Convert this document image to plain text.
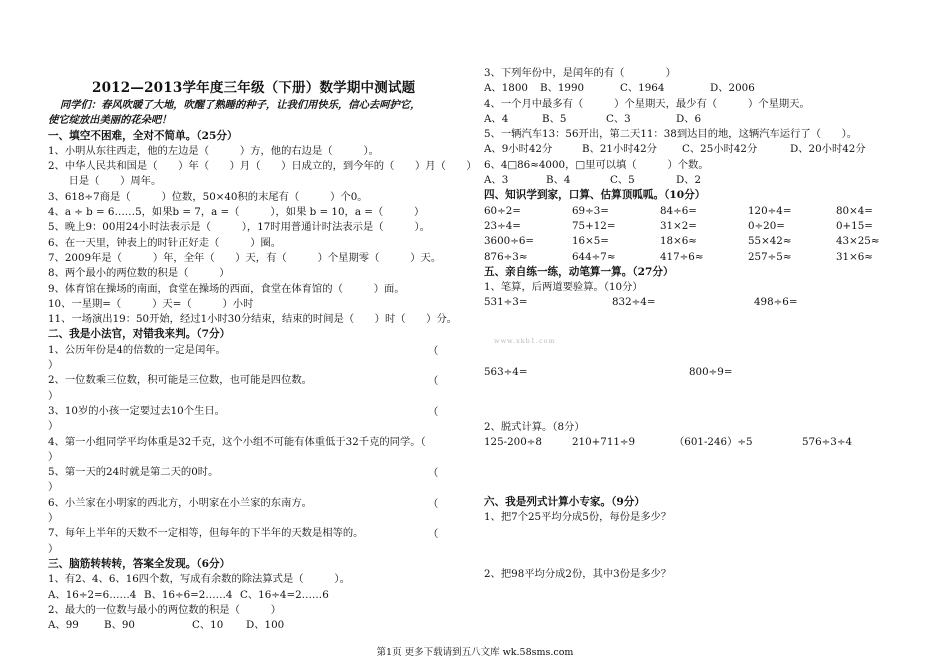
2012—2013学年度三年级（下册）数学期中测试题
同学们：春风吹暖了大地，吹醒了熟睡的种子，让我们用快乐，信心去呵护它，
使它绽放出美丽的花朵吧！
一、填空不困难，全对不简单。（25分）
1、小明从东往西走，他的左边是（　　　）方，他的右边是（　　　）。
2、中华人民共和国是（　　）年（　　）月（　　）日成立的，到今年的（　　）月（　　）
　　日是（　　）周年。
3、618÷7商是（　　　）位数，50×40积的末尾有（　　　）个0。
4、a ÷ b = 6……5，如果b = 7，a =（　　　），如果 b = 10，a =（　　　）
5、晚上9：00用24小时法表示是（　　　），17时用普通计时法表示是（　　　）。
6、在一天里，钟表上的时针正好走（　　　）圈。
7、2009年是（　　　）年，全年（　　）天，有（　　　）个星期零（　　　）天。
8、两个最小的两位数的积是（　　　）
9、体育馆在操场的南面，食堂在操场的西面，食堂在体育馆的（　　　）面。
10、一星期=（　　　）天=（　　　）小时
11、一场演出19：50开始，经过1小时30分结束，结束的时间是（　　）时（　　）分。
二、我是小法官，对错我来判。（7分）
1、公历年份是4的倍数的一定是闰年。	（
）
2、一位数乘三位数，积可能是三位数，也可能是四位数。	（
）
3、10岁的小孩一定要过去10个生日。	（
）
4、第一小组同学平均体重是32千克，这个小组不可能有体重低于32千克的同学。（
）
5、第一天的24时就是第二天的0时。	（
）
6、小兰家在小明家的西北方，小明家在小兰家的东南方。	（
）
7、每年上半年的天数不一定相等，但每年的下半年的天数是相等的。	（
）
三、脑筋转转转，答案全发现。（6分）
1、有2、4、6、16四个数，写成有余数的除法算式是（　　　）。
A、16÷2=6……4 B、16÷6=2……4 C、16÷4=2……6
2、最大的一位数与最小的两位数的积是（　　　）
A、99 B、90	C、10 D、100
3、下列年份中，是闰年的有（　　　　）
A、1800 B、1990	C、1964	D、2006
4、一个月中最多有（　　　）个星期天，最少有（　　　）个星期天。
A、4	B、5	C、3	D、6
5、一辆汽车13：56开出，第二天11：38到达目的地，这辆汽车运行了（　　）。
A、9小时42分	B、21小时42分 C、25小时42分	D、20小时42分
6、4□86≈4000，□里可以填（　　　）个数。
A、3	B、4	C、5	D、2
四、知识学到家，口算、估算顶呱呱。（10分）
60÷2=	69÷3=	84÷6=	120÷4=	80×4=
23÷4=	75+12=	31×2=	0÷20=	0+15=
3600÷6=	16×5=	18×6≈	55×42≈	43×25≈
876÷3≈	644÷7≈	417÷6≈	257÷5≈	31×6≈
五、亲自练一练，动笔算一算。（27分）
1、笔算，后两道要验算。（10分）
531÷3=	832÷4=	498÷6=
www.xkb1.com
563÷4=	800÷9=
2、脱式计算。（8分）
125-200÷8	210+711÷9	（601-246）÷5	576÷3÷4
六、我是列式计算小专家。（9分）
1、把7个25平均分成5份，每份是多少？
2、把98平均分成2份，其中3份是多少？
第1页 更多下载请到五八文库 wk.58sms.com
